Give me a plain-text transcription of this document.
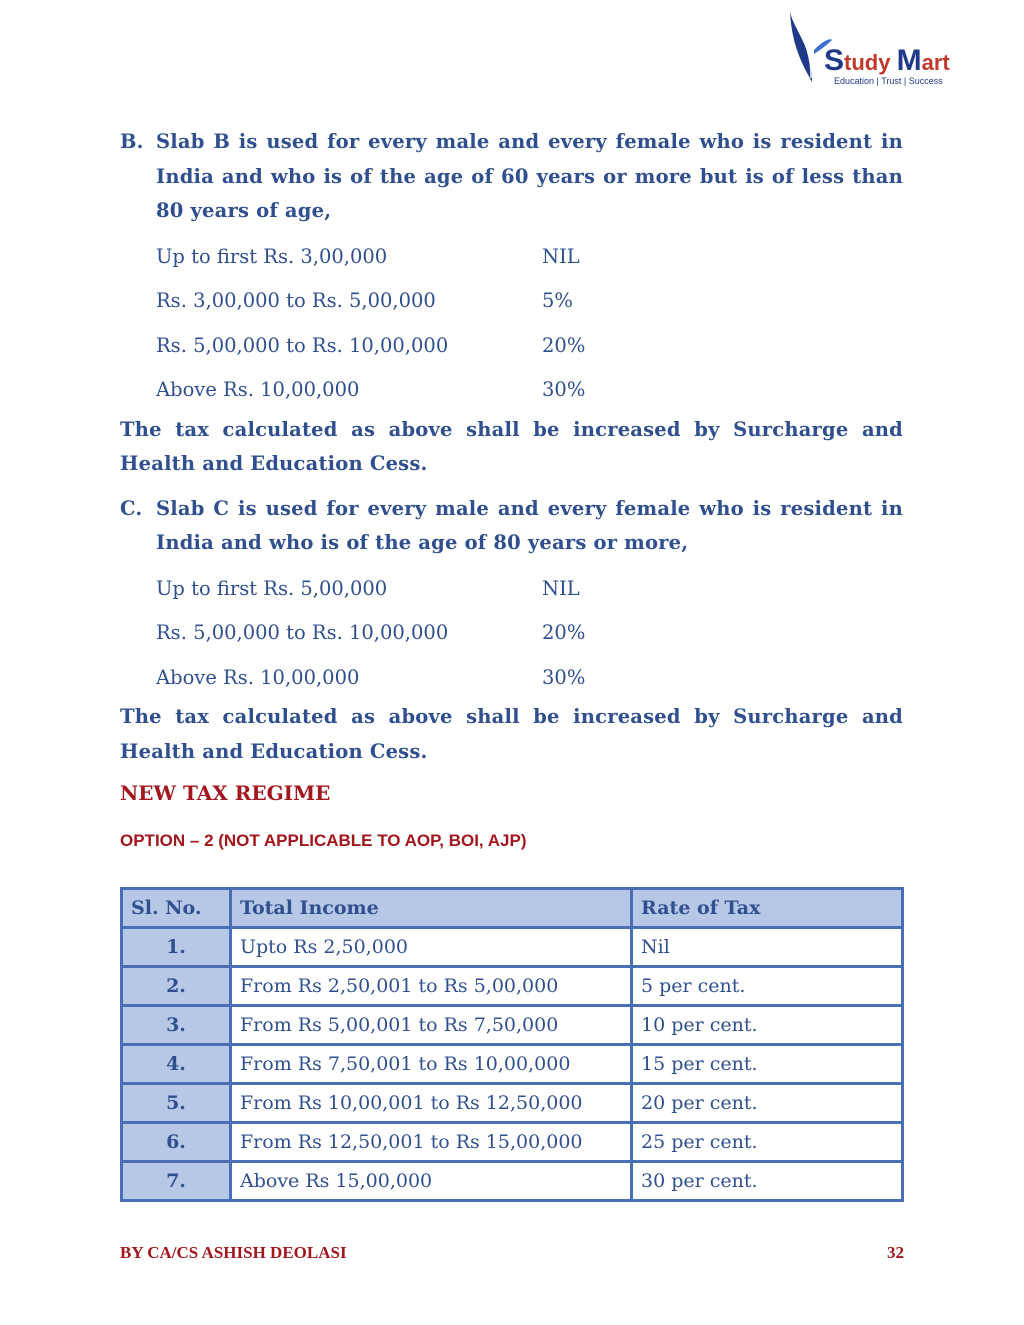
Study Mart
Education | Trust | Success
B. Slab B is used for every male and every female who is resident in India and who is of the age of 60 years or more but is of less than 80 years of age,
Up to first Rs. 3,00,000	NIL
Rs. 3,00,000 to Rs. 5,00,000	5%
Rs. 5,00,000 to Rs. 10,00,000	20%
Above Rs. 10,00,000	30%

The tax calculated as above shall be increased by Surcharge and Health and Education Cess.

C. Slab C is used for every male and every female who is resident in India and who is of the age of 80 years or more,
Up to first Rs. 5,00,000	NIL
Rs. 5,00,000 to Rs. 10,00,000	20%
Above Rs. 10,00,000	30%

The tax calculated as above shall be increased by Surcharge and Health and Education Cess.

NEW TAX REGIME

OPTION – 2 (NOT APPLICABLE TO AOP, BOI, AJP)

Sl. No.	Total Income	Rate of Tax
1.	Upto Rs 2,50,000	Nil
2.	From Rs 2,50,001 to Rs 5,00,000	5 per cent.
3.	From Rs 5,00,001 to Rs 7,50,000	10 per cent.
4.	From Rs 7,50,001 to Rs 10,00,000	15 per cent.
5.	From Rs 10,00,001 to Rs 12,50,000	20 per cent.
6.	From Rs 12,50,001 to Rs 15,00,000	25 per cent.
7.	Above Rs 15,00,000	30 per cent.
BY CA/CS ASHISH DEOLASI	32
